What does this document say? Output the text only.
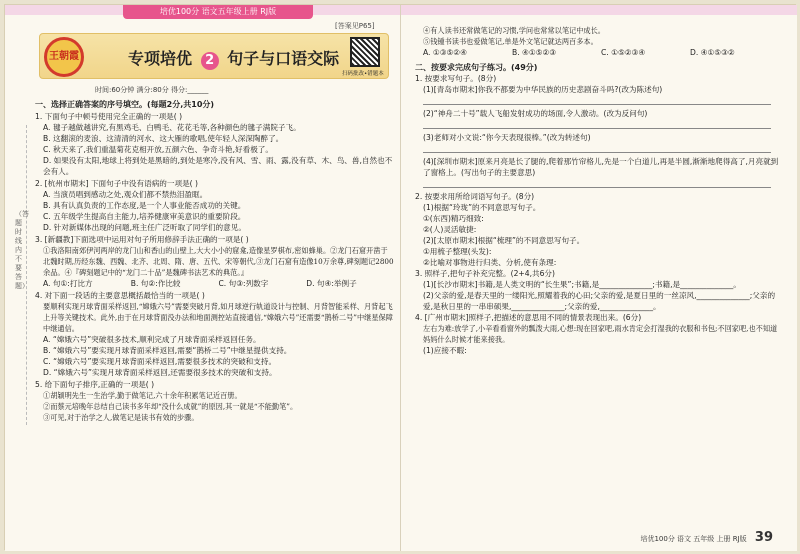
培优100分 语文五年级上册 RJ版
[答案见P65]
王朝霞	专项培优 2 句子与口语交际
扫码批改•错题本
时间:60分钟 满分:80分 得分:______
（答题时线内不要答题）
一、选择正确答案的序号填空。(每题2分,共10分)
1. 下面句子中顿号使用完全正确的一项是( )
A. 毽子越做越讲究,有黑鸡毛、白鸭毛、花花毛等,各种颜色的毽子满院子飞。
B. 这翻滚的麦浪、这清清的河水、这大雁的歌唱,使年轻人深深陶醉了。
C. 秋天来了,我们重温菊花克相开放,五颜六色、争奇斗艳,好看极了。
D. 如果没有太阳,地球上将到处是黑暗的,到处是寒冷,没有风、雪、雨、露,没有草、木、鸟、兽,自然也不会有人。
2. [杭州市期末] 下面句子中没有语病的一项是( )
A. 当演员唱到感动之处,观众们都不禁热泪盈眶。
B. 具有认真负责的工作态度,是一个人事业能否成功的关键。
C. 五年级学生提高自主能力,培养健康审美意识的重要阶段。
D. 针对新媒体出现的问题,班主任广泛听取了同学们的意见。
3. [新疆教]下面选项中运用对句子所用修辞手法正确的一项是( )
①我洛阳南郊伊河两岸的龙门山和香山的山壁上,大大小小的窟龛,造像星罗棋布,密如蜂巢。②龙门石窟开凿于北魏时期,历经东魏、西魏、北齐、北周、隋、唐、五代、宋等朝代,③龙门石窟有造像10万余尊,碑刻题记2800余品。④『碑刻题记中的“龙门二十品”是魏碑书法艺术的典范。』
A. 句①:打比方	B. 句②:作比较	C. 句③:列数字	D. 句④:举例子
4. 对下面一段话的主要意思概括最恰当的一项是( )
要顺利实现月球背面采样返回,“嫦娥六号”需要突破月背,如月球逆行轨道设计与控制、月背智能采样、月背起飞上升等关键技术。此外,由于在月球背面没办法和地面测控站直接通信,“嫦娥六号”还需要“鹊桥二号”中继星保障中继通信。
A. “嫦娥六号”突破很多技术,顺利完成了月球背面采样返回任务。
B. “嫦娥六号”要实现月球背面采样返回,需要“鹊桥二号”中继星提供支持。
C. “嫦娥六号”要实现月球背面采样返回,需要很多技术的突破和支持。
D. “嫦娥六号”实现月球背面采样返回,还需要很多技术的突破和支持。
5. 给下面句子排序,正确的一项是( )
①胡颖明先生一生治学,勤于做笔记,六十余年积累笔记近百册。
②而蔡元培晚年总结自己读书多年却“没什么成就”的原因,其一就是“不能勤笔”。
③可见,对于治学之人,做笔记是读书有效的步骤。
④有人读书还常做笔记的习惯,学问也常常以笔记中成长。
⑤钱锺书读书也爱做笔记,单是外文笔记就达两百多本。
A. ①③⑤②④	B. ④①⑤②③	C. ①⑤②③④	D. ④①⑤③②
二、按要求完成句子练习。(49分)
1. 按要求写句子。(8分)
(1)[青岛市期末]你我不都要为中华民族的历史悲剧奋斗吗?(改为陈述句)
(2)“神舟二十号”载人飞船发射成功的场面,令人激动。(改为反问句)
(3)老师对小文说:“你今天表现很棒。”(改为转述句)
(4)[深圳市期末]原来月亮是长了腿的,爬着那竹帘格儿,先是一个白道儿,再是半圆,渐渐地爬得高了,月亮就到了窗格上。(写出句子的主要意思)
2. 按要求用所给词语写句子。(8分)
(1)根据“玲珑”的不同意思写句子。
①(东西)精巧细致:
②(人)灵活敏捷:
(2)[太原市期末]根据“梳理”的不同意思写句子。
①用梳子整理(头发):
②比喻对事物进行归类、分析,使有条理:
3. 照样子,把句子补充完整。(2+4,共6分)
(1)[长沙市期末]书籍,是人类文明的“长生果”;书籍,是______________;书籍,是______________。
(2)父亲的爱,是春天里的一缕阳光,照耀着我的心田;父亲的爱,是夏日里的一丝凉风,______________;父亲的爱,是秋日里的一串串硕果,______________;父亲的爱,______________。
4. [广州市期末]照样子,把描述的意思用不同的情景表现出来。(6分)
左右为难:放学了,小辛看看窗外的瓢泼大雨,心想:现在回家吧,雨水肯定会打湿我的衣服和书包;不回家吧,也不知道妈妈什么时候才能来接我。
(1)应接不暇:
培优100分 语文 五年级 上册 RJ版 39
